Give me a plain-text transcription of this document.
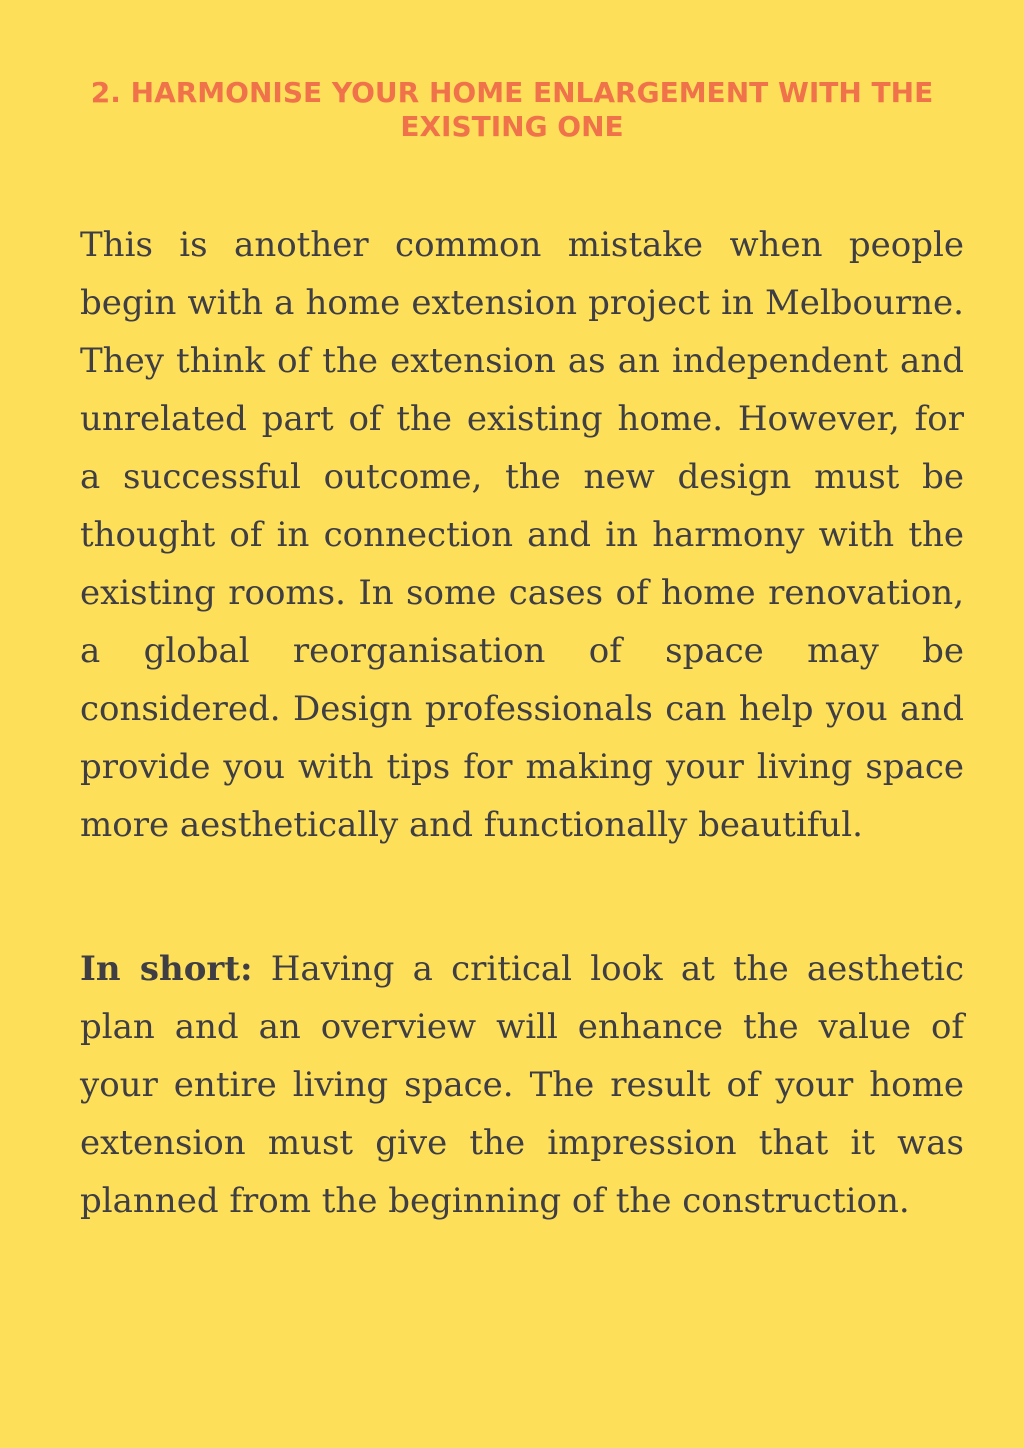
2. HARMONISE YOUR HOME ENLARGEMENT WITH THE EXISTING ONE

This is another common mistake when people begin with a home extension project in Melbourne. They think of the extension as an independent and unrelated part of the existing home. However, for a successful outcome, the new design must be thought of in connection and in harmony with the existing rooms. In some cases of home renovation, a global reorganisation of space may be considered. Design professionals can help you and provide you with tips for making your living space more aesthetically and functionally beautiful.

In short: Having a critical look at the aesthetic plan and an overview will enhance the value of your entire living space. The result of your home extension must give the impression that it was planned from the beginning of the construction.
